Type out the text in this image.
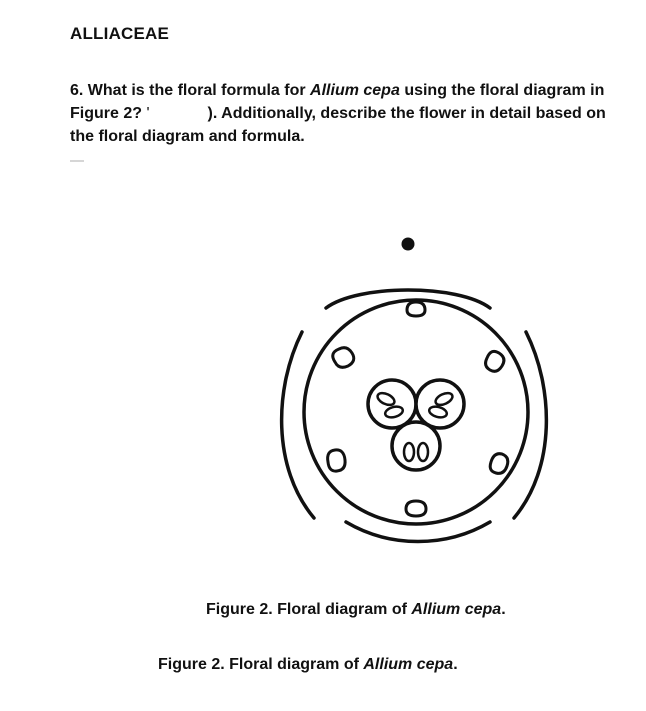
ALLIACEAE
6. What is the floral formula for Allium cepa using the floral diagram in Figure 2? '	). Additionally, describe the flower in detail based on the floral diagram and formula.
Figure 2. Floral diagram of Allium cepa.
Figure 2. Floral diagram of Allium cepa.
